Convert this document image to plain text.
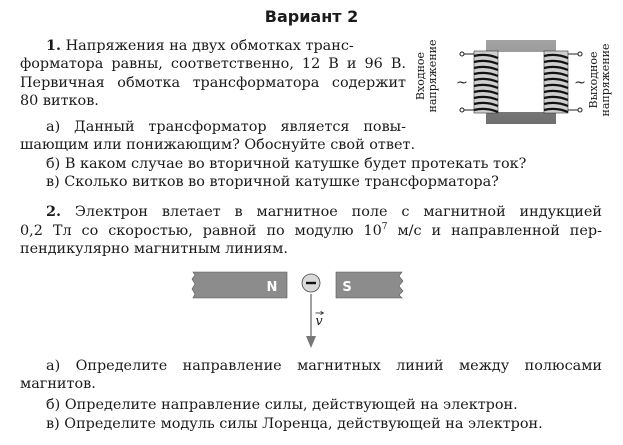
Вариант 2
1. Напряжения на двух обмотках транс-
форматора равны, соответственно, 12 В и 96 В.
Первичная обмотка трансформатора содержит
80 витков.
а) Данный трансформатор является повы-
шающим или понижающим? Обоснуйте свой ответ.
б) В каком случае во вторичной катушке будет протекать ток?
в) Сколько витков во вторичной катушке трансформатора?
~	~
Входное напряжение	Выходное напряжение
2. Электрон влетает в магнитное поле с магнитной индукцией
0,2 Тл со скоростью, равной по модулю $10^7$ м/с и направленной пер-
пендикулярно магнитным линиям.
N	S
v
а) Определите направление магнитных линий между полюсами
магнитов.
б) Определите направление силы, действующей на электрон.
в) Определите модуль силы Лоренца, действующей на электрон.
